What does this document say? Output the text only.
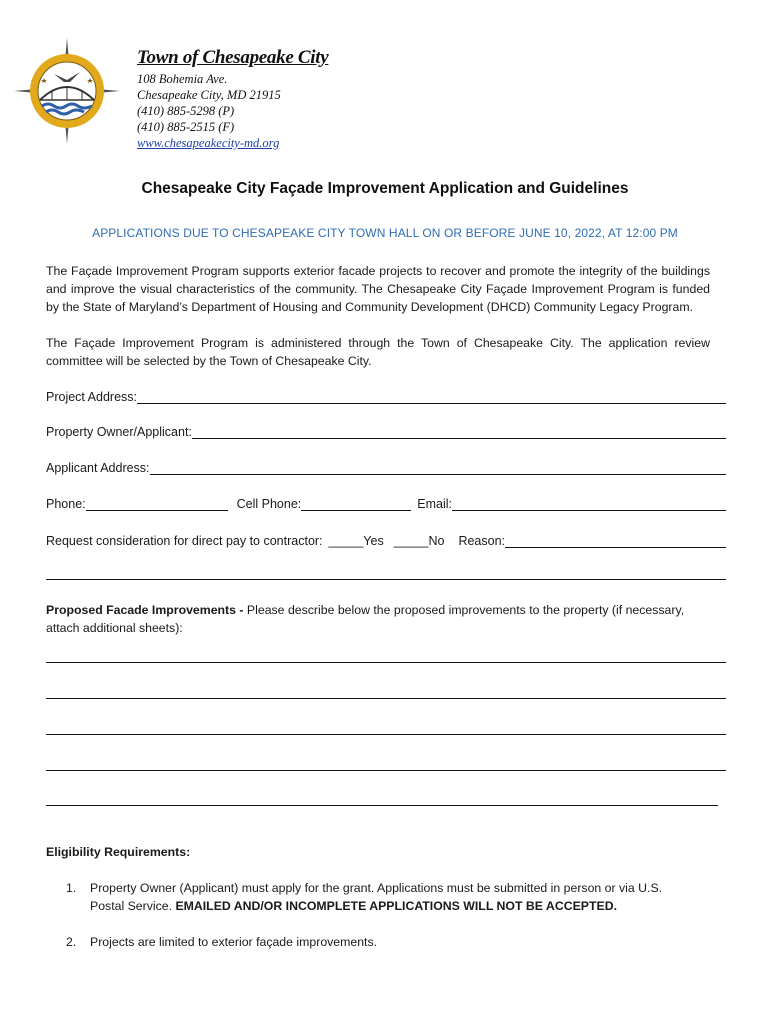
Town of Chesapeake City
108 Bohemia Ave.
Chesapeake City, MD 21915
(410) 885-5298 (P)
(410) 885-2515 (F)
www.chesapeakecity-md.org
Chesapeake City Façade Improvement Application and Guidelines
APPLICATIONS DUE TO CHESAPEAKE CITY TOWN HALL ON OR BEFORE JUNE 10, 2022, AT 12:00 PM
The Façade Improvement Program supports exterior facade projects to recover and promote the integrity of the buildings and improve the visual characteristics of the community. The Chesapeake City Façade Improvement Program is funded by the State of Maryland’s Department of Housing and Community Development (DHCD) Community Legacy Program.
The Façade Improvement Program is administered through the Town of Chesapeake City. The application review committee will be selected by the Town of Chesapeake City.
Project Address:
Property Owner/Applicant:
Applicant Address:
Phone:	Cell Phone:	Email:
Request consideration for direct pay to contractor: _____Yes _____No Reason:
Proposed Facade Improvements - Please describe below the proposed improvements to the property (if necessary, attach additional sheets):
Eligibility Requirements:
1.	Property Owner (Applicant) must apply for the grant. Applications must be submitted in person or via U.S. Postal Service. EMAILED AND/OR INCOMPLETE APPLICATIONS WILL NOT BE ACCEPTED.
2.	Projects are limited to exterior façade improvements.
